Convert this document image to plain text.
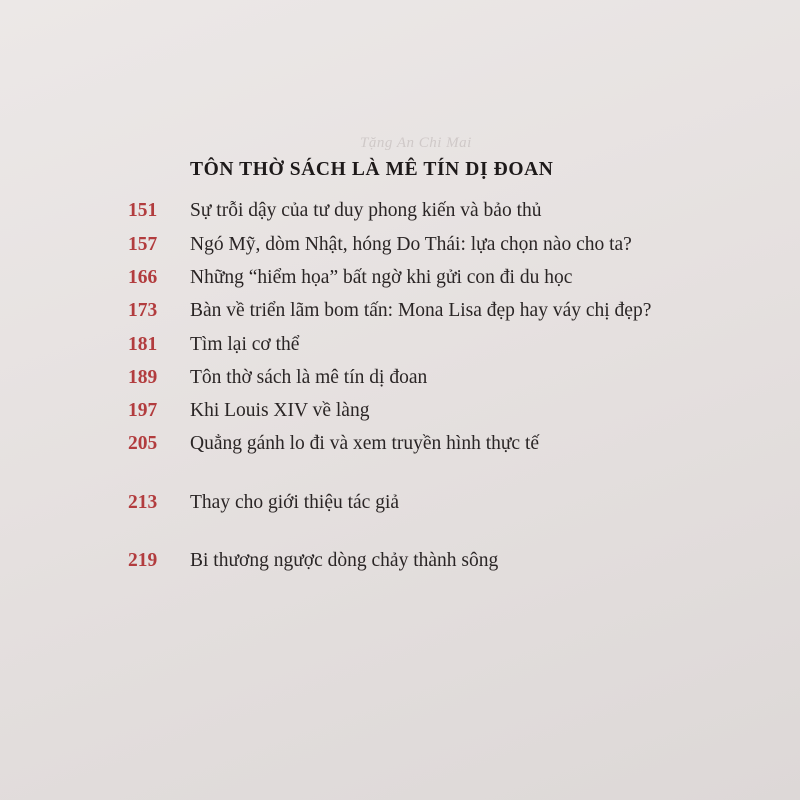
Tặng An Chi Mai
TÔN THỜ SÁCH LÀ MÊ TÍN DỊ ĐOAN
151	Sự trỗi dậy của tư duy phong kiến và bảo thủ
157	Ngó Mỹ, dòm Nhật, hóng Do Thái: lựa chọn nào cho ta?
166	Những “hiểm họa” bất ngờ khi gửi con đi du học
173	Bàn về triển lãm bom tấn: Mona Lisa đẹp hay váy chị đẹp?
181	Tìm lại cơ thể
189	Tôn thờ sách là mê tín dị đoan
197	Khi Louis XIV về làng
205	Quẳng gánh lo đi và xem truyền hình thực tế
213	Thay cho giới thiệu tác giả
219	Bi thương ngược dòng chảy thành sông
